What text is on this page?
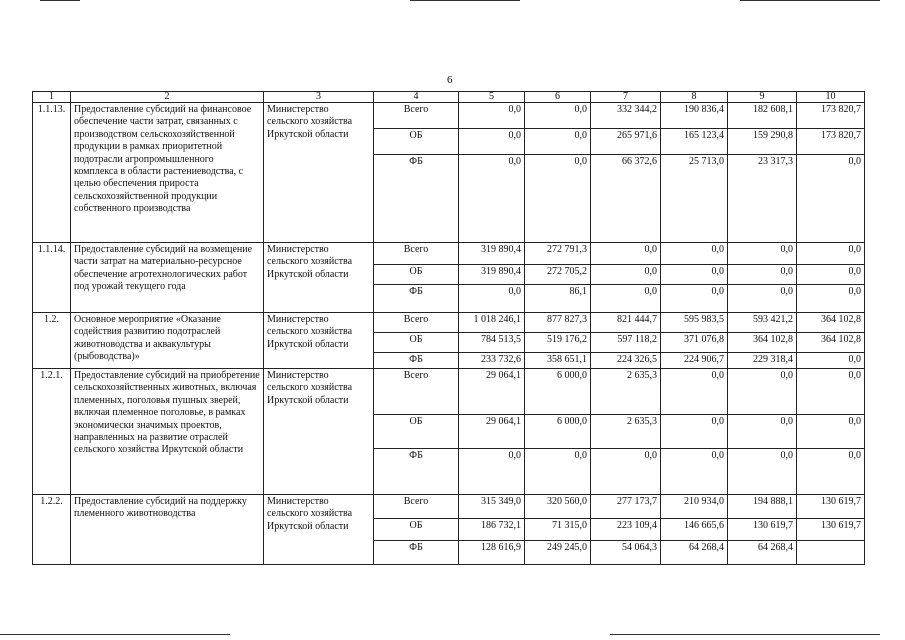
6
1	2	3	4	5	6	7	8	9	10
1.1.13.	Предоставление субсидий на финансовое обеспечение части затрат, связанных с производством сельскохозяйственной продукции в рамках приоритетной подотрасли агропромышленного комплекса в области растениеводства, с целью обеспечения прироста сельскохозяйственной продукции собственного производства	Министерство сельского хозяйства Иркутской области	Всего	0,0	0,0	332 344,2	190 836,4	182 608,1	173 820,7
			ОБ	0,0	0,0	265 971,6	165 123,4	159 290,8	173 820,7
			ФБ	0,0	0,0	66 372,6	25 713,0	23 317,3	0,0
1.1.14.	Предоставление субсидий на возмещение части затрат на материально-ресурсное обеспечение агротехнологических работ под урожай текущего года	Министерство сельского хозяйства Иркутской области	Всего	319 890,4	272 791,3	0,0	0,0	0,0	0,0
			ОБ	319 890,4	272 705,2	0,0	0,0	0,0	0,0
			ФБ	0,0	86,1	0,0	0,0	0,0	0,0
1.2.	Основное мероприятие «Оказание содействия развитию подотраслей животноводства и аквакультуры (рыбоводства)»	Министерство сельского хозяйства Иркутской области	Всего	1 018 246,1	877 827,3	821 444,7	595 983,5	593 421,2	364 102,8
			ОБ	784 513,5	519 176,2	597 118,2	371 076,8	364 102,8	364 102,8
			ФБ	233 732,6	358 651,1	224 326,5	224 906,7	229 318,4	0,0
1.2.1.	Предоставление субсидий на приобретение сельскохозяйственных животных, включая племенных, поголовья пушных зверей, включая племенное поголовье, в рамках экономически значимых проектов, направленных на развитие отраслей сельского хозяйства Иркутской области	Министерство сельского хозяйства Иркутской области	Всего	29 064,1	6 000,0	2 635,3	0,0	0,0	0,0
			ОБ	29 064,1	6 000,0	2 635,3	0,0	0,0	0,0
			ФБ	0,0	0,0	0,0	0,0	0,0	0,0
1.2.2.	Предоставление субсидий на поддержку племенного животноводства	Министерство сельского хозяйства Иркутской области	Всего	315 349,0	320 560,0	277 173,7	210 934,0	194 888,1	130 619,7
			ОБ	186 732,1	71 315,0	223 109,4	146 665,6	130 619,7	130 619,7
			ФБ	128 616,9	249 245,0	54 064,3	64 268,4	64 268,4	
